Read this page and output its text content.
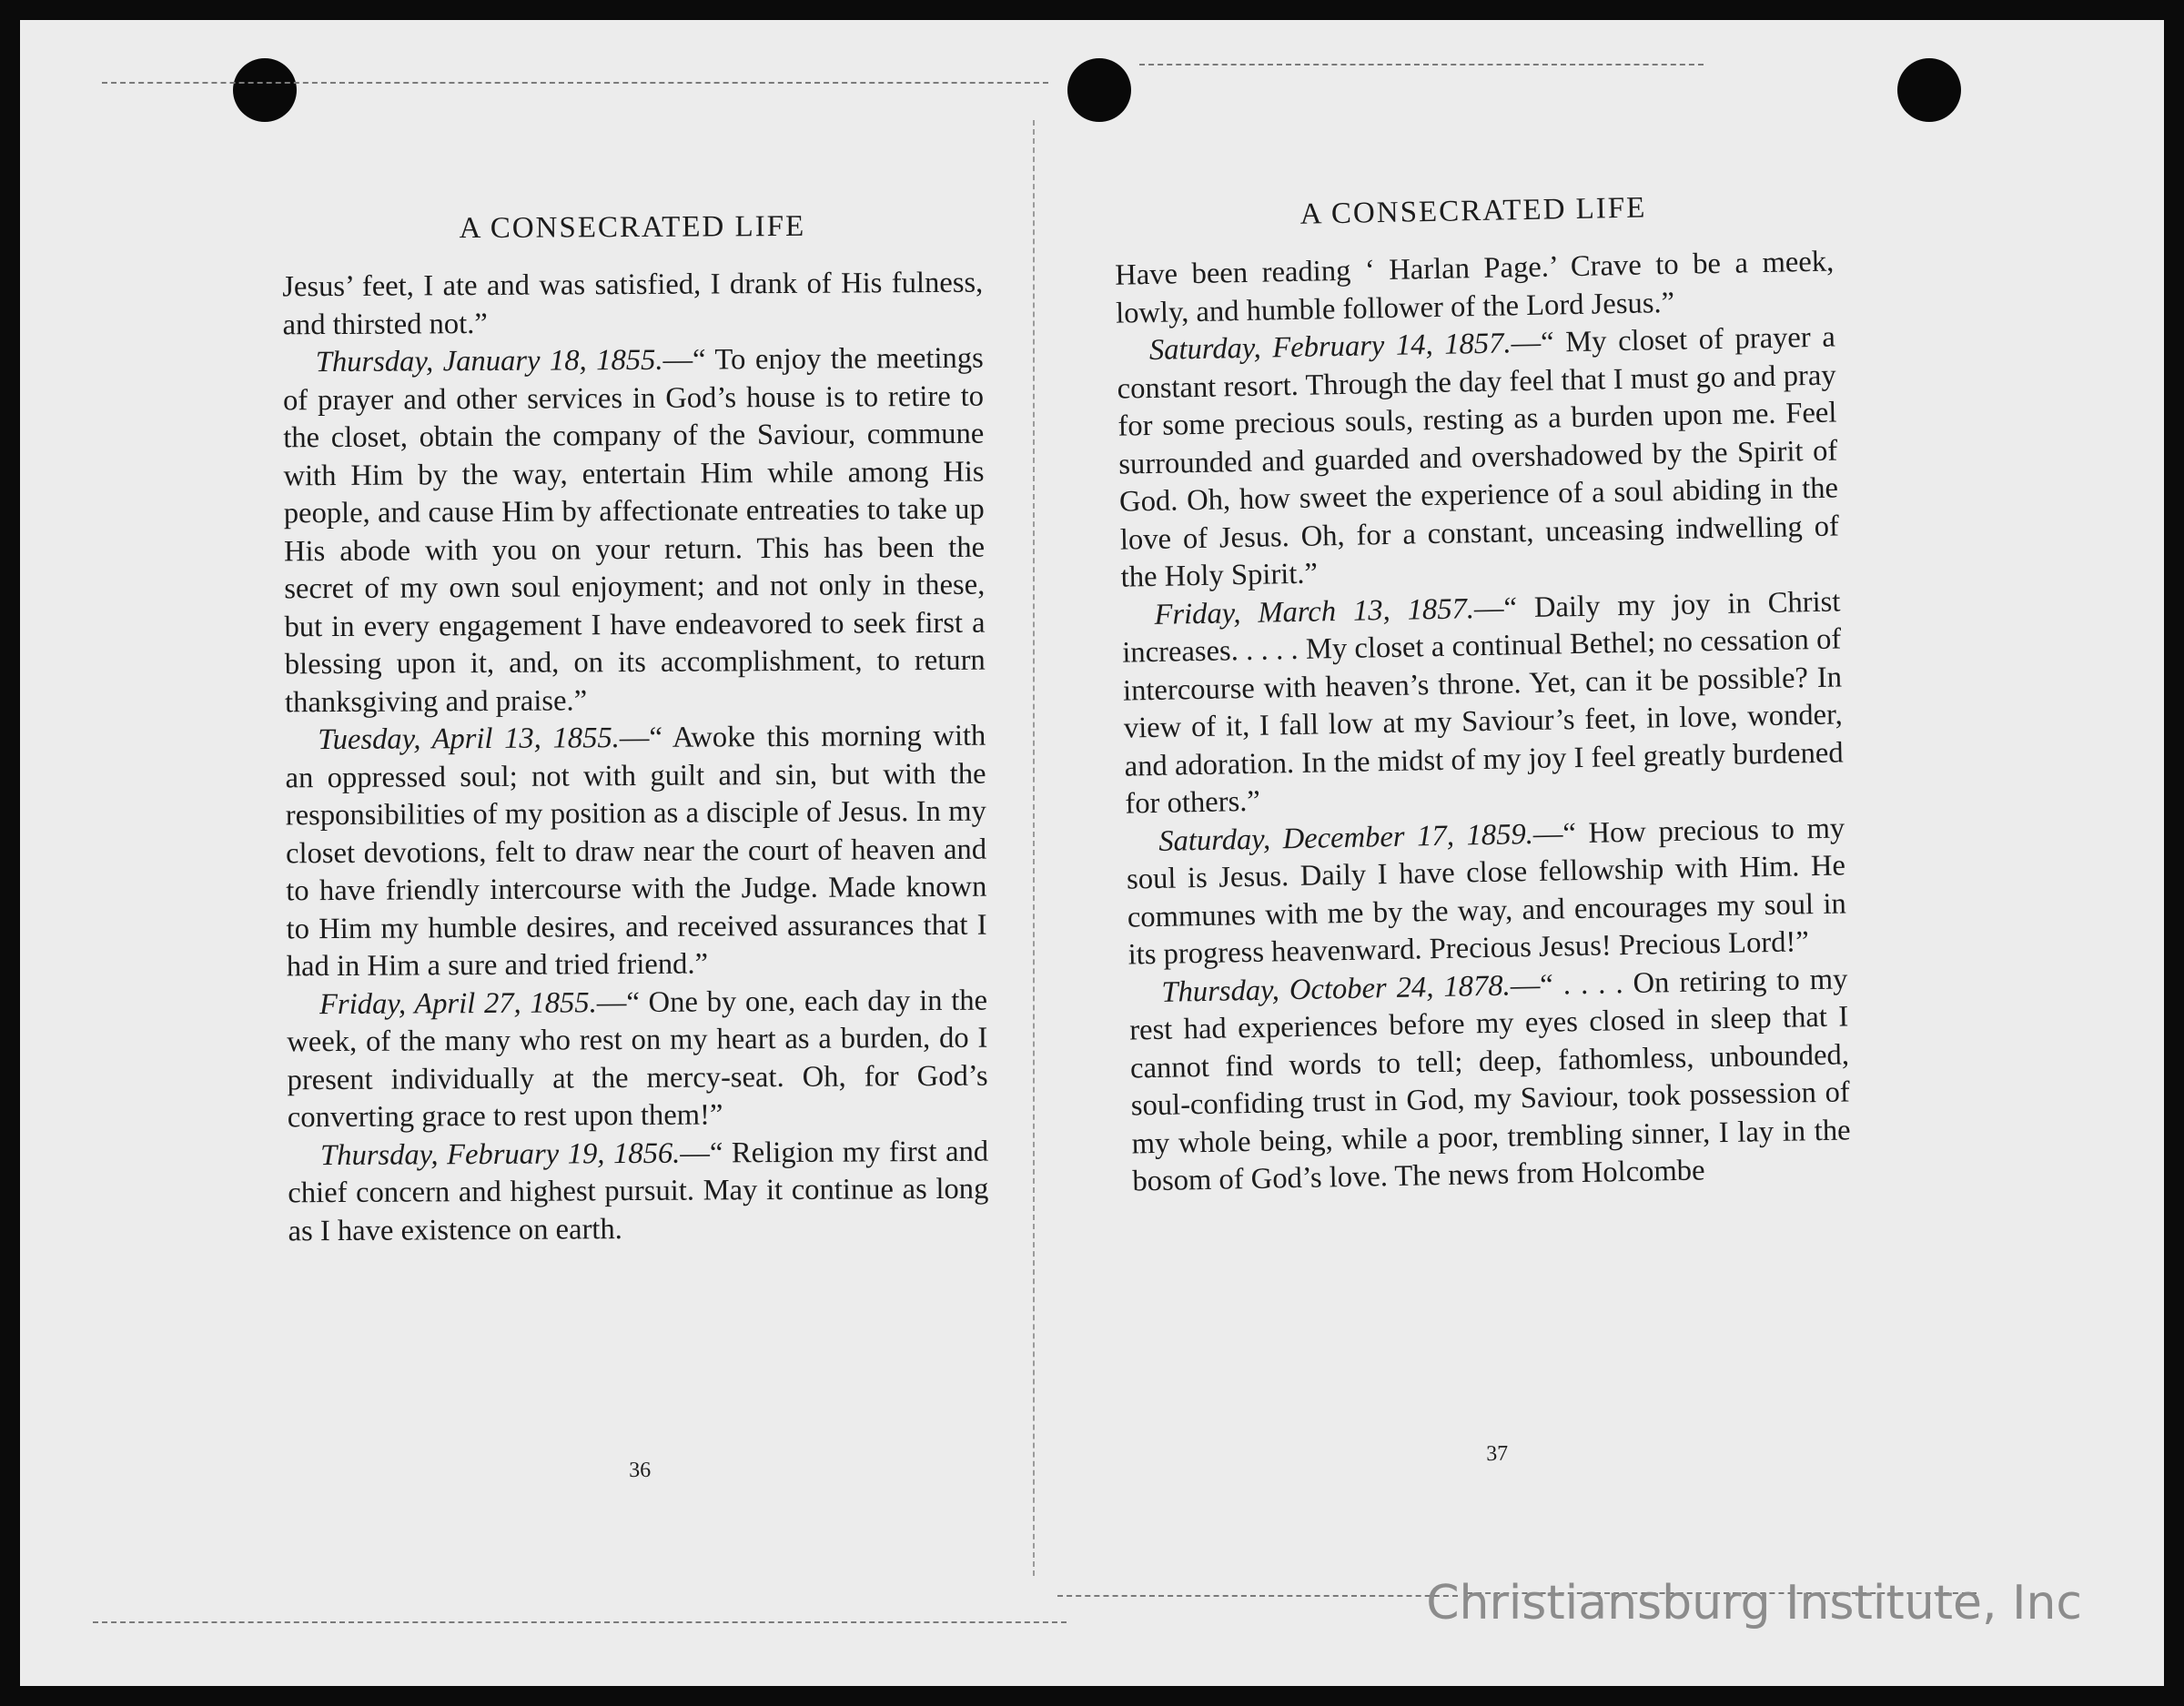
A CONSECRATED LIFE

Jesus’ feet, I ate and was satisfied, I drank of His fulness, and thirsted not.”

Thursday, January 18, 1855.—“ To enjoy the meetings of prayer and other services in God’s house is to retire to the closet, obtain the company of the Saviour, commune with Him by the way, entertain Him while among His people, and cause Him by affectionate entreaties to take up His abode with you on your return. This has been the secret of my own soul enjoyment; and not only in these, but in every engagement I have endeavored to seek first a blessing upon it, and, on its accomplishment, to return thanksgiving and praise.”

Tuesday, April 13, 1855.—“ Awoke this morning with an oppressed soul; not with guilt and sin, but with the responsibilities of my position as a disciple of Jesus. In my closet devotions, felt to draw near the court of heaven and to have friendly intercourse with the Judge. Made known to Him my humble desires, and received assurances that I had in Him a sure and tried friend.”

Friday, April 27, 1855.—“ One by one, each day in the week, of the many who rest on my heart as a burden, do I present individually at the mercy-seat. Oh, for God’s converting grace to rest upon them!”

Thursday, February 19, 1856.—“ Religion my first and chief concern and highest pursuit. May it continue as long as I have existence on earth.

36
A CONSECRATED LIFE

Have been reading ‘ Harlan Page.’ Crave to be a meek, lowly, and humble follower of the Lord Jesus.”

Saturday, February 14, 1857.—“ My closet of prayer a constant resort. Through the day feel that I must go and pray for some precious souls, resting as a burden upon me. Feel surrounded and guarded and overshadowed by the Spirit of God. Oh, how sweet the experience of a soul abiding in the love of Jesus. Oh, for a constant, unceasing indwelling of the Holy Spirit.”

Friday, March 13, 1857.—“ Daily my joy in Christ increases. . . . . My closet a continual Bethel; no cessation of intercourse with heaven’s throne. Yet, can it be possible? In view of it, I fall low at my Saviour’s feet, in love, wonder, and adoration. In the midst of my joy I feel greatly burdened for others.”

Saturday, December 17, 1859.—“ How precious to my soul is Jesus. Daily I have close fellowship with Him. He communes with me by the way, and encourages my soul in its progress heavenward. Precious Jesus! Precious Lord!”

Thursday, October 24, 1878.—“ . . . . On retiring to my rest had experiences before my eyes closed in sleep that I cannot find words to tell; deep, fathomless, unbounded, soul-confiding trust in God, my Saviour, took possession of my whole being, while a poor, trembling sinner, I lay in the bosom of God’s love. The news from Holcombe

37
Christiansburg Institute, Inc
